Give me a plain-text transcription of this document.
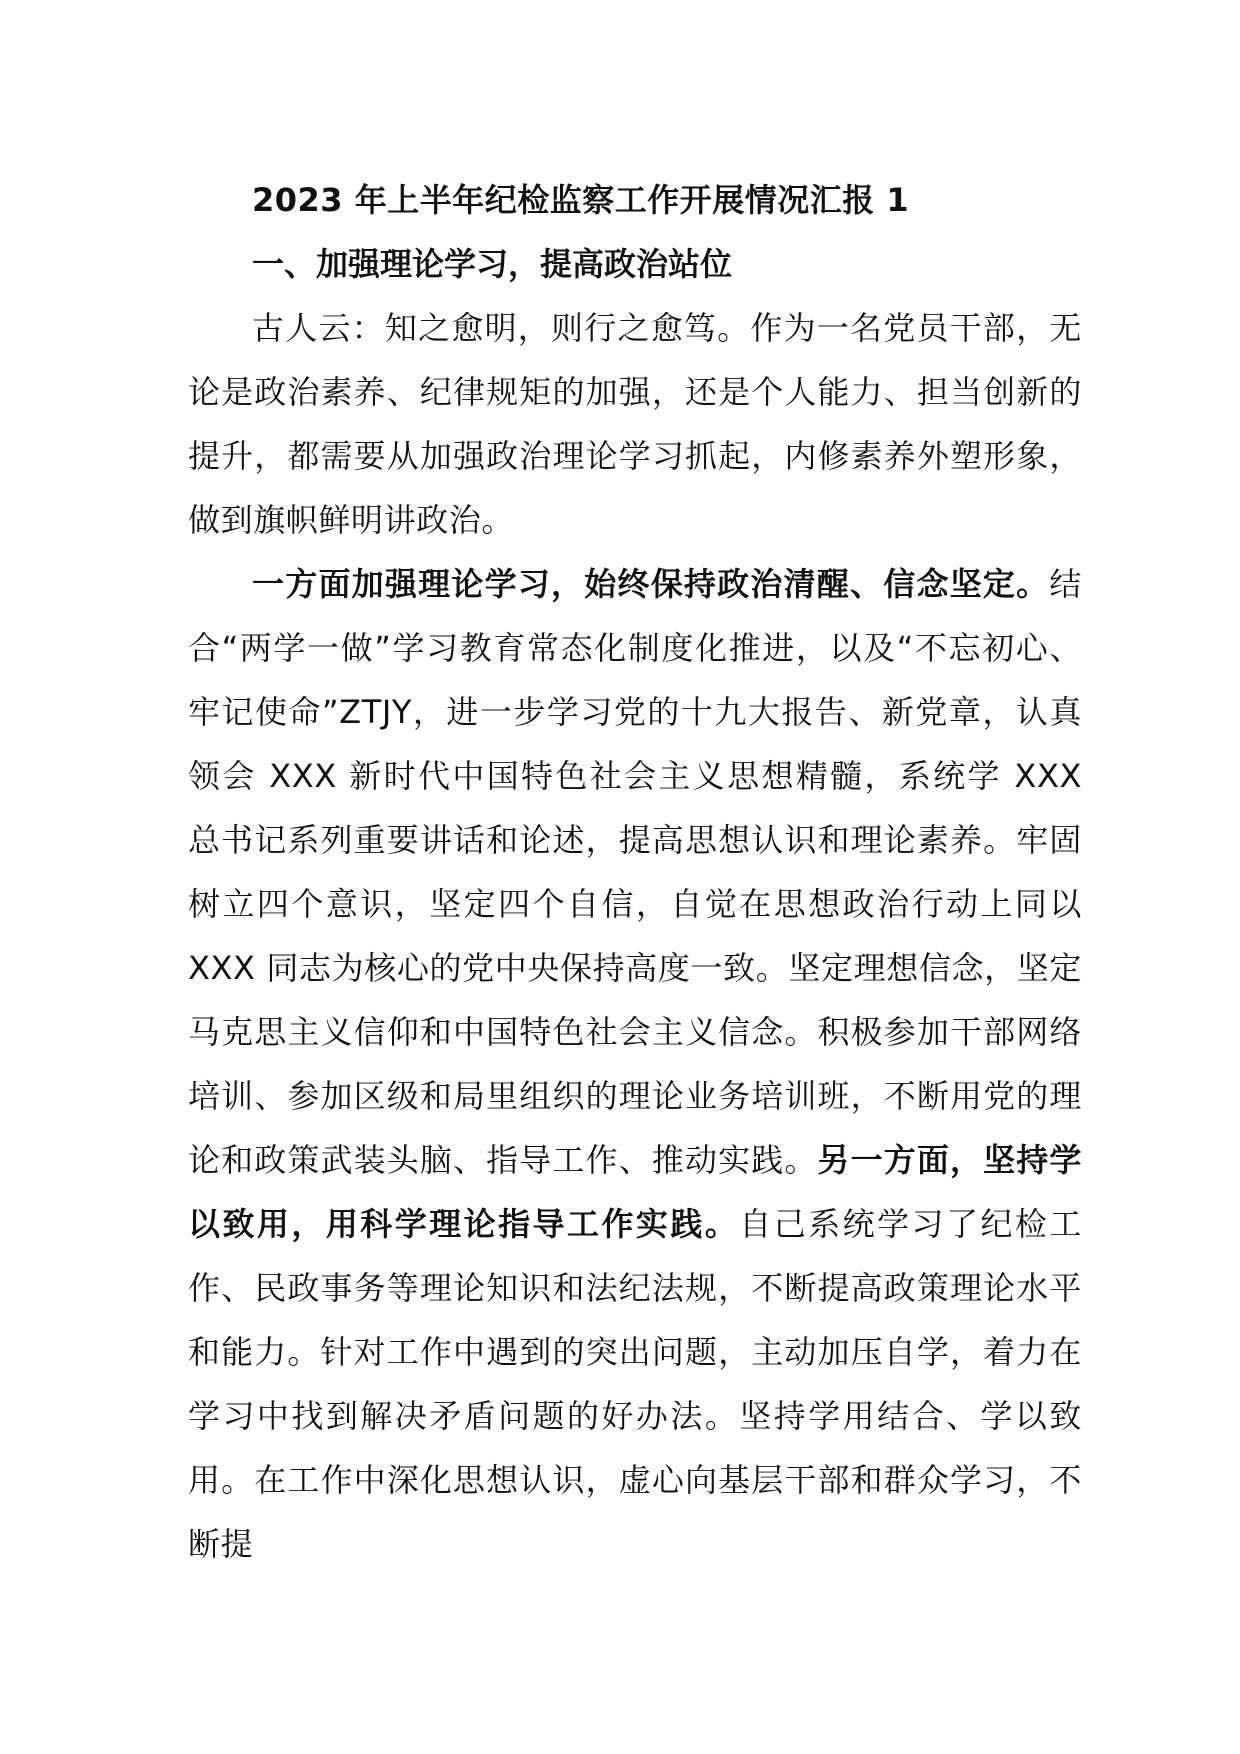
2023 年上半年纪检监察工作开展情况汇报 1
一、加强理论学习，提高政治站位

古人云：知之愈明，则行之愈笃。作为一名党员干部，无论是政治素养、纪律规矩的加强，还是个人能力、担当创新的提升，都需要从加强政治理论学习抓起，内修素养外塑形象，做到旗帜鲜明讲政治。

一方面加强理论学习，始终保持政治清醒、信念坚定。结合“两学一做”学习教育常态化制度化推进，以及“不忘初心、牢记使命”ZTJY，进一步学习党的十九大报告、新党章，认真领会 XXX 新时代中国特色社会主义思想精髓，系统学 XXX 总书记系列重要讲话和论述，提高思想认识和理论素养。牢固树立四个意识，坚定四个自信，自觉在思想政治行动上同以 XXX 同志为核心的党中央保持高度一致。坚定理想信念，坚定马克思主义信仰和中国特色社会主义信念。积极参加干部网络培训、参加区级和局里组织的理论业务培训班，不断用党的理论和政策武装头脑、指导工作、推动实践。另一方面，坚持学以致用，用科学理论指导工作实践。自己系统学习了纪检工作、民政事务等理论知识和法纪法规，不断提高政策理论水平和能力。针对工作中遇到的突出问题，主动加压自学，着力在学习中找到解决矛盾问题的好办法。坚持学用结合、学以致用。在工作中深化思想认识，虚心向基层干部和群众学习，不断提
